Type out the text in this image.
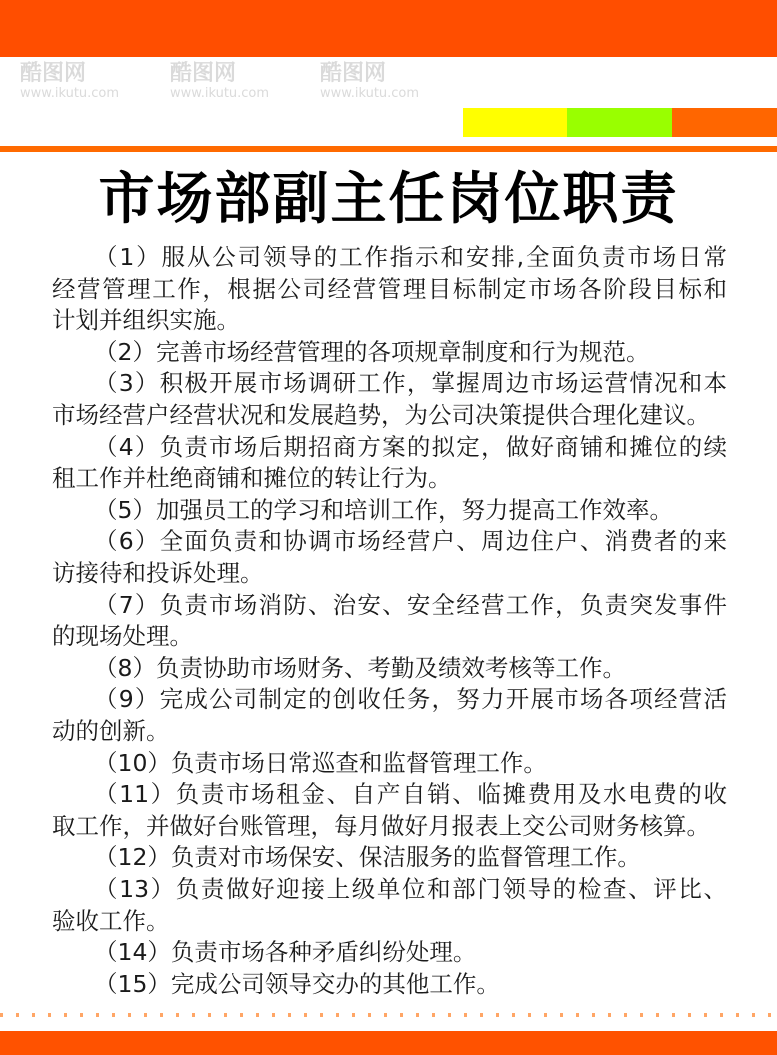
酷图网
www.ikutu.com
酷图网
www.ikutu.com
酷图网
www.ikutu.com
市场部副主任岗位职责
（1）服从公司领导的工作指示和安排,全面负责市场日常
经营管理工作，根据公司经营管理目标制定市场各阶段目标和
计划并组织实施。
（2）完善市场经营管理的各项规章制度和行为规范。
（3）积极开展市场调研工作，掌握周边市场运营情况和本
市场经营户经营状况和发展趋势，为公司决策提供合理化建议。
（4）负责市场后期招商方案的拟定，做好商铺和摊位的续
租工作并杜绝商铺和摊位的转让行为。
（5）加强员工的学习和培训工作，努力提高工作效率。
（6）全面负责和协调市场经营户、周边住户、消费者的来
访接待和投诉处理。
（7）负责市场消防、治安、安全经营工作，负责突发事件
的现场处理。
（8）负责协助市场财务、考勤及绩效考核等工作。
（9）完成公司制定的创收任务，努力开展市场各项经营活
动的创新。
（10）负责市场日常巡查和监督管理工作。
（11）负责市场租金、自产自销、临摊费用及水电费的收
取工作，并做好台账管理，每月做好月报表上交公司财务核算。
（12）负责对市场保安、保洁服务的监督管理工作。
（13）负责做好迎接上级单位和部门领导的检查、评比、
验收工作。
（14）负责市场各种矛盾纠纷处理。
（15）完成公司领导交办的其他工作。
